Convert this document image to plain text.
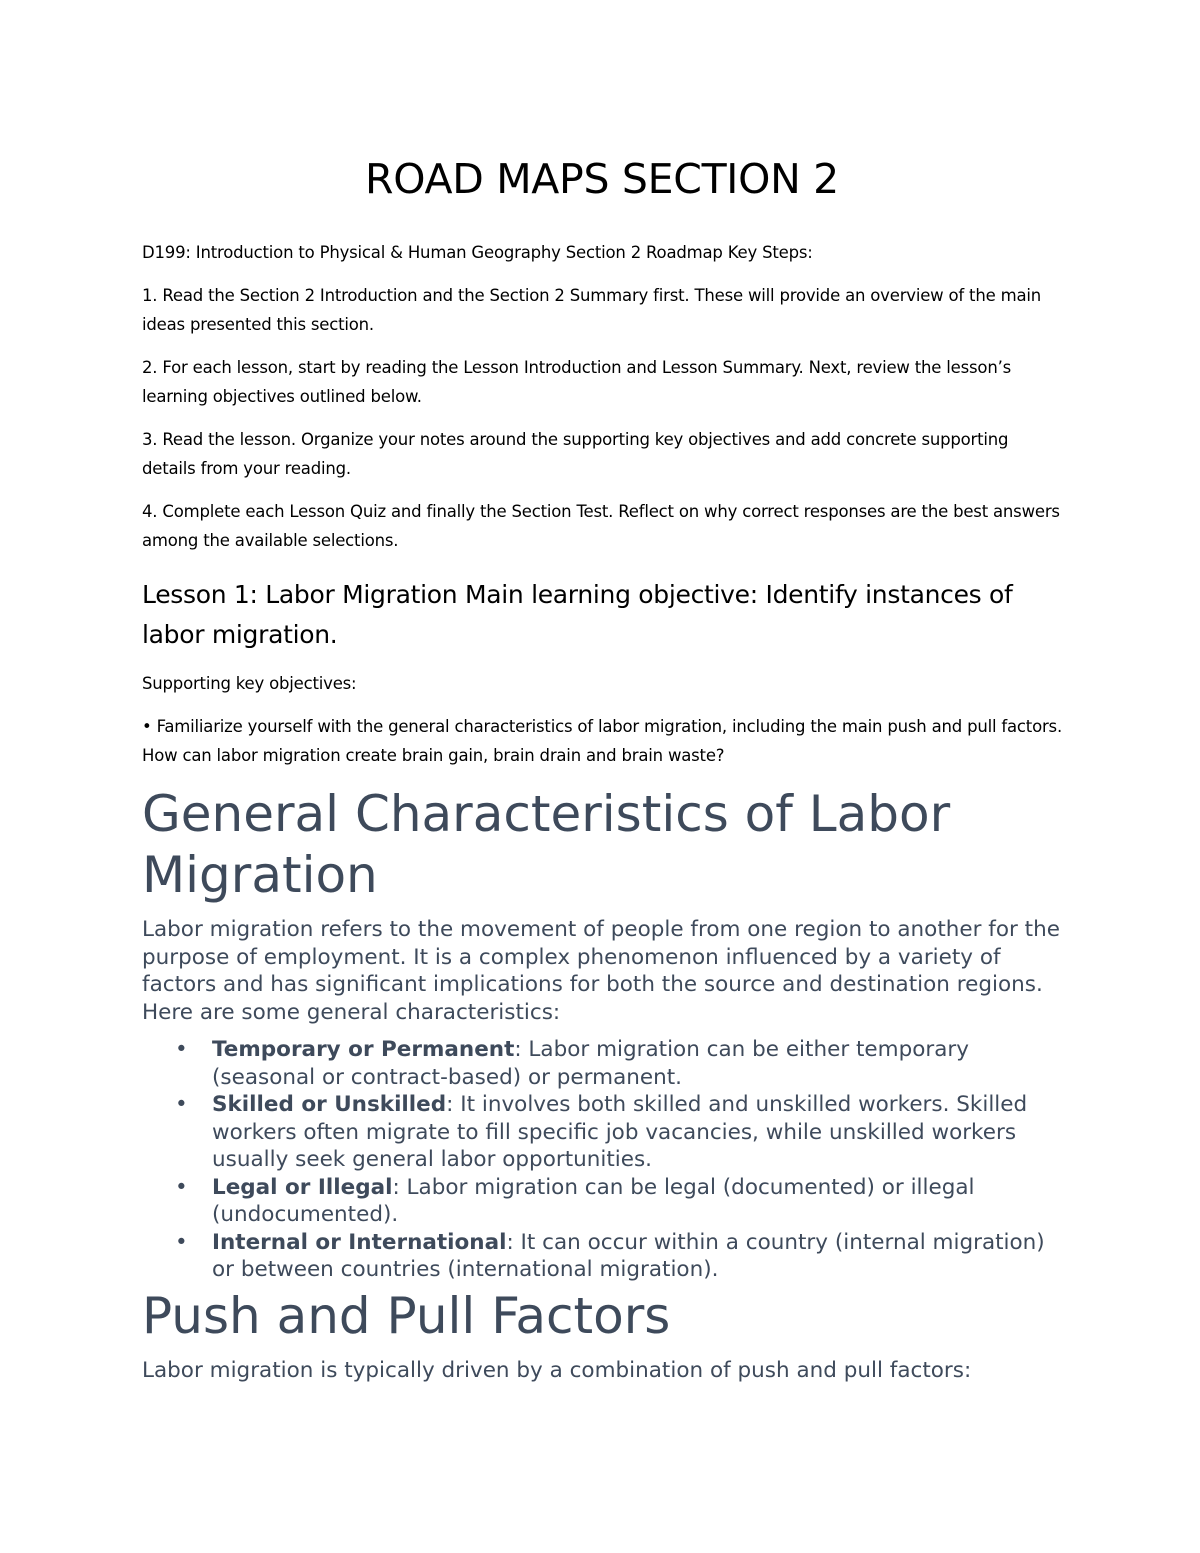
ROAD MAPS SECTION 2

D199: Introduction to Physical & Human Geography Section 2 Roadmap Key Steps:

1. Read the Section 2 Introduction and the Section 2 Summary first. These will provide an overview of the main ideas presented this section.

2. For each lesson, start by reading the Lesson Introduction and Lesson Summary. Next, review the lesson’s learning objectives outlined below.

3. Read the lesson. Organize your notes around the supporting key objectives and add concrete supporting details from your reading.

4. Complete each Lesson Quiz and finally the Section Test. Reflect on why correct responses are the best answers among the available selections.

Lesson 1: Labor Migration Main learning objective: Identify instances of labor migration.

Supporting key objectives:

• Familiarize yourself with the general characteristics of labor migration, including the main push and pull factors. How can labor migration create brain gain, brain drain and brain waste?

General Characteristics of Labor Migration

Labor migration refers to the movement of people from one region to another for the purpose of employment. It is a complex phenomenon influenced by a variety of factors and has significant implications for both the source and destination regions. Here are some general characteristics:

• Temporary or Permanent: Labor migration can be either temporary (seasonal or contract-based) or permanent.
• Skilled or Unskilled: It involves both skilled and unskilled workers. Skilled workers often migrate to fill specific job vacancies, while unskilled workers usually seek general labor opportunities.
• Legal or Illegal: Labor migration can be legal (documented) or illegal (undocumented).
• Internal or International: It can occur within a country (internal migration) or between countries (international migration).
Push and Pull Factors

Labor migration is typically driven by a combination of push and pull factors:
